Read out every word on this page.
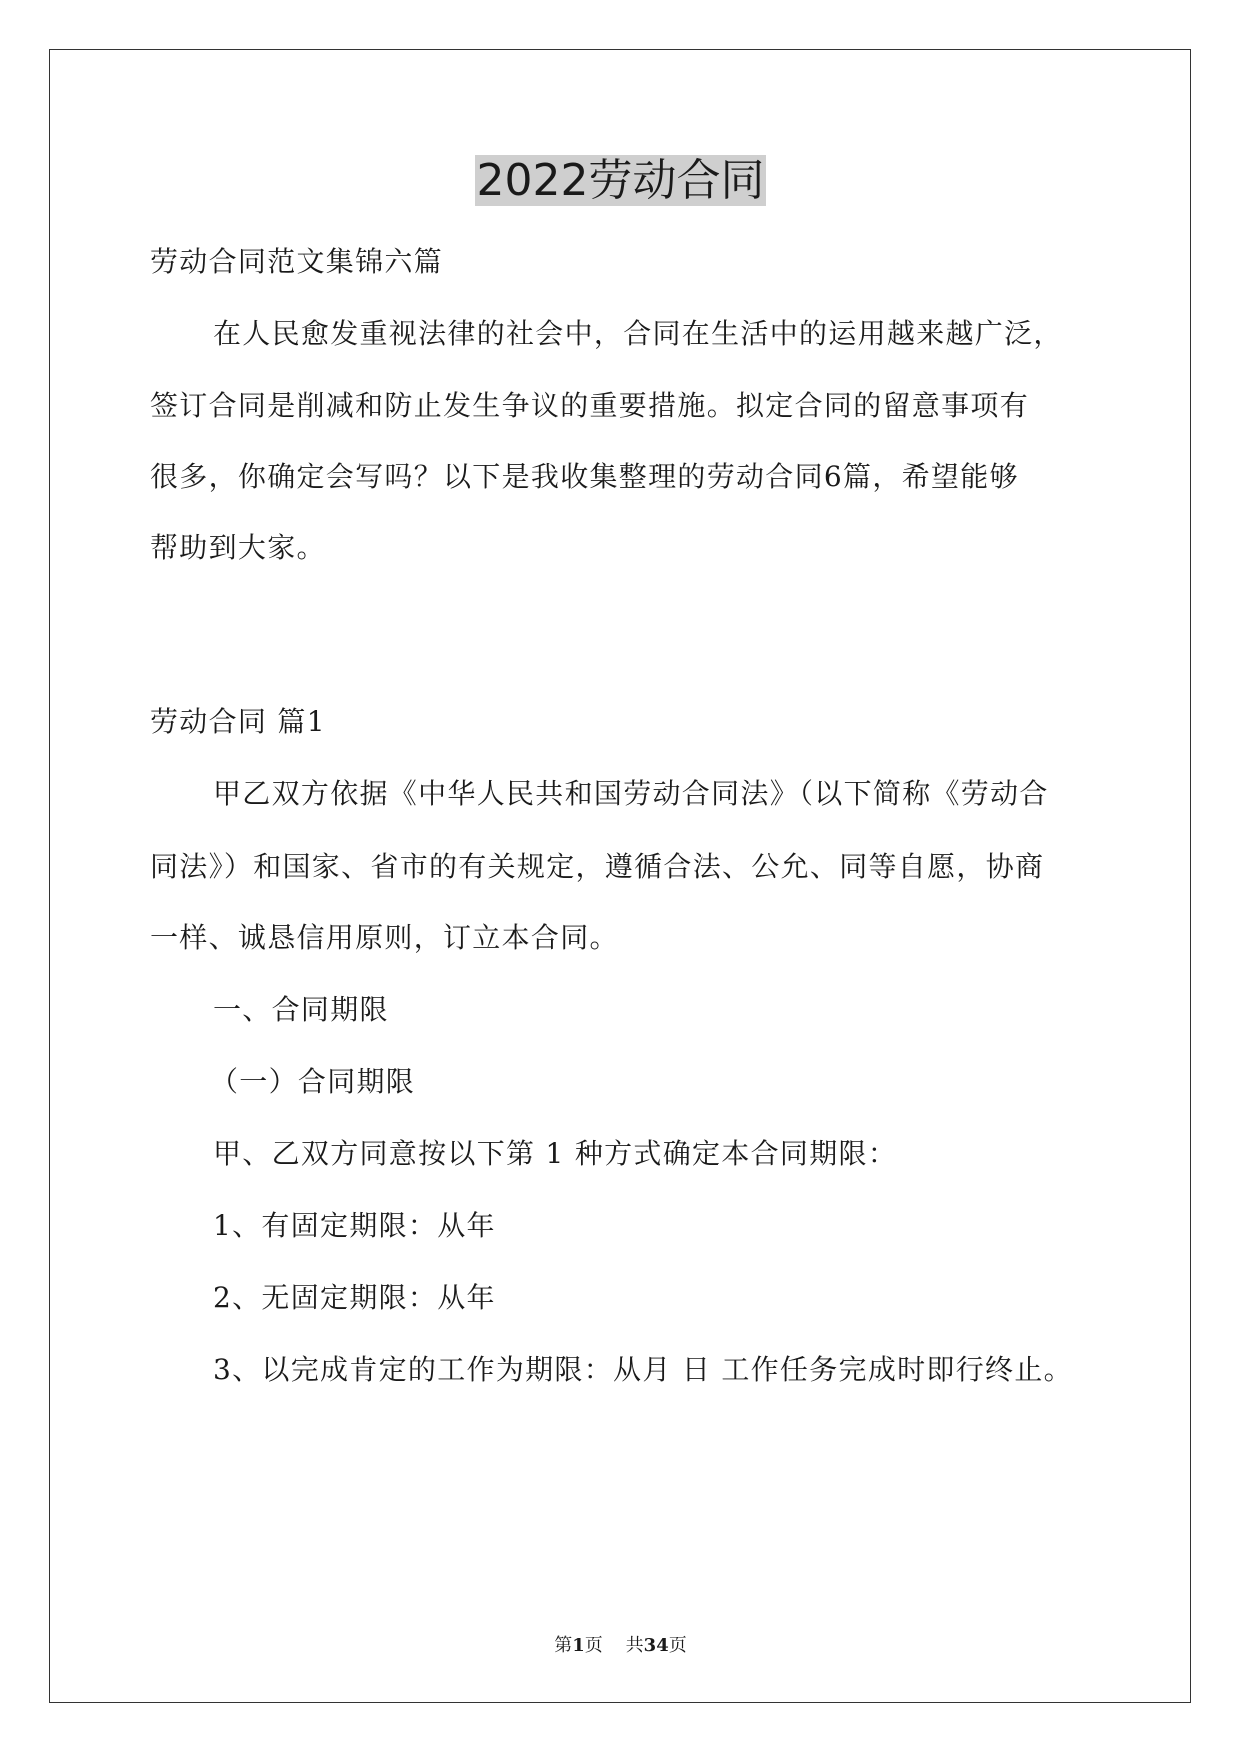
2022劳动合同
劳动合同范文集锦六篇
在人民愈发重视法律的社会中，合同在生活中的运用越来越广泛，
签订合同是削减和防止发生争议的重要措施。拟定合同的留意事项有
很多，你确定会写吗？以下是我收集整理的劳动合同6篇，希望能够
帮助到大家。
劳动合同 篇1
甲乙双方依据《中华人民共和国劳动合同法》（以下简称《劳动合
同法》）和国家、省市的有关规定，遵循合法、公允、同等自愿，协商
一样、诚恳信用原则，订立本合同。
一、合同期限
（一）合同期限
甲、乙双方同意按以下第 1 种方式确定本合同期限：
1、有固定期限：从年
2、无固定期限：从年
3、以完成肯定的工作为期限：从月 日 工作任务完成时即行终止。
第1页 共34页
